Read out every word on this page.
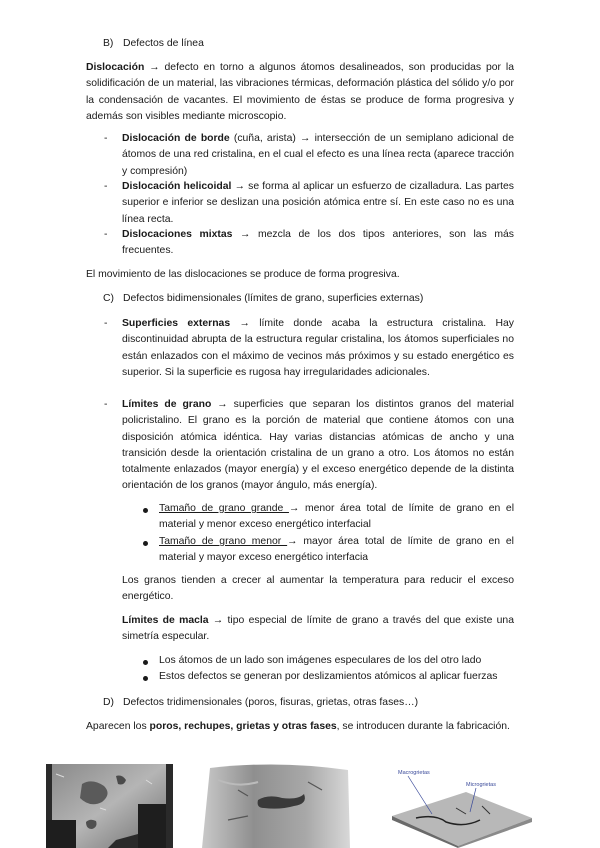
B) Defectos de línea
Dislocación → defecto en torno a algunos átomos desalineados, son producidas por la solidificación de un material, las vibraciones térmicas, deformación plástica del sólido y/o por la condensación de vacantes. El movimiento de éstas se produce de forma progresiva y además son visibles mediante microscopio.
- Dislocación de borde (cuña, arista) → intersección de un semiplano adicional de átomos de una red cristalina, en el cual el efecto es una línea recta (aparece tracción y compresión)
- Dislocación helicoidal → se forma al aplicar un esfuerzo de cizalladura. Las partes superior e inferior se deslizan una posición atómica entre sí. En este caso no es una línea recta.
- Dislocaciones mixtas → mezcla de los dos tipos anteriores, son las más frecuentes.
El movimiento de las dislocaciones se produce de forma progresiva.
C) Defectos bidimensionales (límites de grano, superficies externas)
- Superficies externas → límite donde acaba la estructura cristalina. Hay discontinuidad abrupta de la estructura regular cristalina, los átomos superficiales no están enlazados con el máximo de vecinos más próximos y su estado energético es superior. Si la superficie es rugosa hay irregularidades adicionales.
- Límites de grano → superficies que separan los distintos granos del material policristalino. El grano es la porción de material que contiene átomos con una disposición atómica idéntica. Hay varias distancias atómicas de ancho y una transición desde la orientación cristalina de un grano a otro. Los átomos no están totalmente enlazados (mayor energía) y el exceso energético depende de la distinta orientación de los granos (mayor ángulo, más energía).
Tamaño de grano grande → menor área total de límite de grano en el material y menor exceso energético interfacial
Tamaño de grano menor → mayor área total de límite de grano en el material y mayor exceso energético interfacia
Los granos tienden a crecer al aumentar la temperatura para reducir el exceso energético.
Límites de macla → tipo especial de límite de grano a través del que existe una simetría especular.
Los átomos de un lado son imágenes especulares de los del otro lado
Estos defectos se generan por deslizamientos atómicos al aplicar fuerzas
D) Defectos tridimensionales (poros, fisuras, grietas, otras fases…)
Aparecen los poros, rechupes, grietas y otras fases, se introducen durante la fabricación.
Macrogrietas
Microgrietas
